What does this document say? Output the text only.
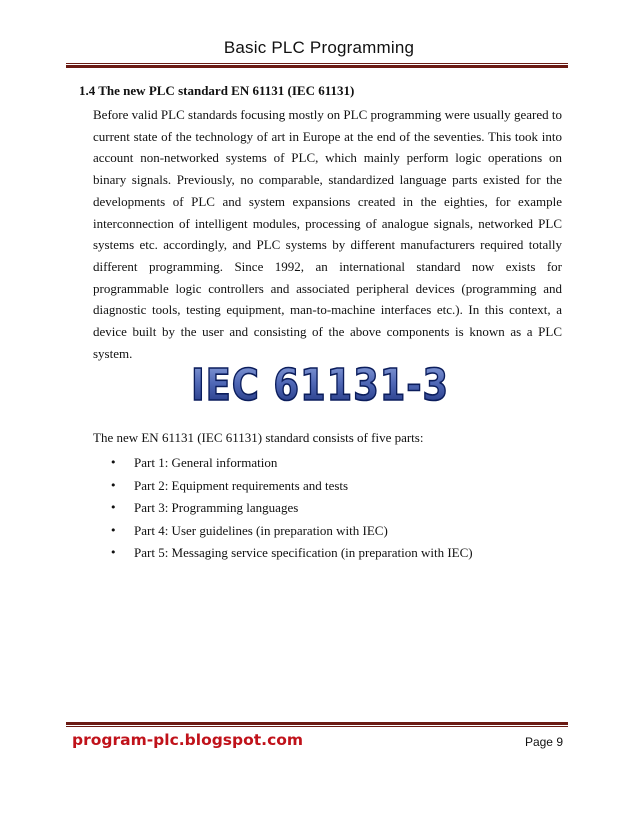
Basic PLC Programming
1.4 The new PLC standard EN 61131 (IEC 61131)

Before valid PLC standards focusing mostly on PLC programming were usually geared to current state of the technology of art in Europe at the end of the seventies. This took into account non-networked systems of PLC, which mainly perform logic operations on binary signals. Previously, no comparable, standardized language parts existed for the developments of PLC and system expansions created in the eighties, for example interconnection of intelligent modules, processing of analogue signals, networked PLC systems etc. accordingly, and PLC systems by different manufacturers required totally different programming. Since 1992, an international standard now exists for programmable logic controllers and associated peripheral devices (programming and diagnostic tools, testing equipment, man-to-machine interfaces etc.). In this context, a device built by the user and consisting of the above components is known as a PLC system.

IEC 61131-3

The new EN 61131 (IEC 61131) standard consists of five parts:

• Part 1: General information
• Part 2: Equipment requirements and tests
• Part 3: Programming languages
• Part 4: User guidelines (in preparation with IEC)
• Part 5: Messaging service specification (in preparation with IEC)
program-plc.blogspot.com	Page 9
